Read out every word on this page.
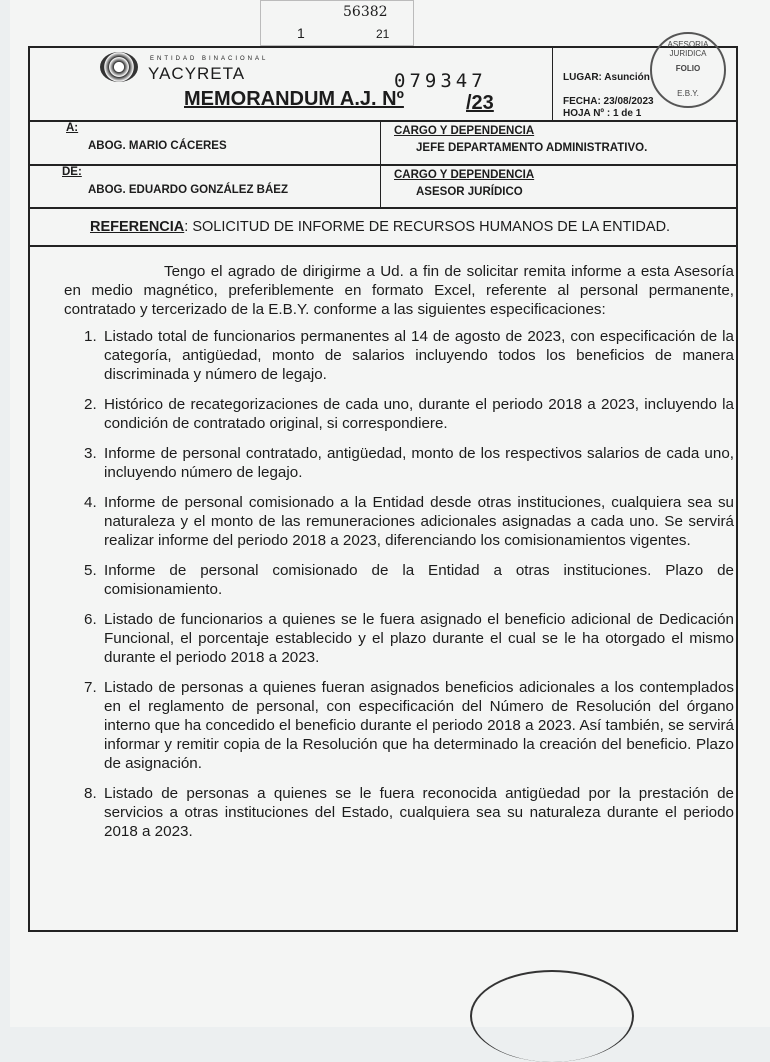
56382
1	21
ENTIDAD BINACIONAL
YACYRETA	079347
MEMORANDUM A.J. Nº	/23
LUGAR: Asunción
FECHA: 23/08/2023
HOJA Nº : 1 de 1
ASESORIA JURIDICA
FOLIO
E.B.Y.
A:
ABOG. MARIO CÁCERES
CARGO Y DEPENDENCIA
JEFE DEPARTAMENTO ADMINISTRATIVO.
DE:
ABOG. EDUARDO GONZÁLEZ BÁEZ
CARGO Y DEPENDENCIA
ASESOR JURÍDICO
REFERENCIA: SOLICITUD DE INFORME DE RECURSOS HUMANOS DE LA ENTIDAD.

Tengo el agrado de dirigirme a Ud. a fin de solicitar remita informe a esta Asesoría en medio magnético, preferiblemente en formato Excel, referente al personal permanente, contratado y tercerizado de la E.B.Y. conforme a las siguientes especificaciones:

1. Listado total de funcionarios permanentes al 14 de agosto de 2023, con especificación de la categoría, antigüedad, monto de salarios incluyendo todos los beneficios de manera discriminada y número de legajo.
2. Histórico de recategorizaciones de cada uno, durante el periodo 2018 a 2023, incluyendo la condición de contratado original, si correspondiere.
3. Informe de personal contratado, antigüedad, monto de los respectivos salarios de cada uno, incluyendo número de legajo.
4. Informe de personal comisionado a la Entidad desde otras instituciones, cualquiera sea su naturaleza y el monto de las remuneraciones adicionales asignadas a cada uno. Se servirá realizar informe del periodo 2018 a 2023, diferenciando los comisionamientos vigentes.
5. Informe de personal comisionado de la Entidad a otras instituciones. Plazo de comisionamiento.
6. Listado de funcionarios a quienes se le fuera asignado el beneficio adicional de Dedicación Funcional, el porcentaje establecido y el plazo durante el cual se le ha otorgado el mismo durante el periodo 2018 a 2023.
7. Listado de personas a quienes fueran asignados beneficios adicionales a los contemplados en el reglamento de personal, con especificación del Número de Resolución del órgano interno que ha concedido el beneficio durante el periodo 2018 a 2023. Así también, se servirá informar y remitir copia de la Resolución que ha determinado la creación del beneficio. Plazo de asignación.
8. Listado de personas a quienes se le fuera reconocida antigüedad por la prestación de servicios a otras instituciones del Estado, cualquiera sea su naturaleza durante el periodo 2018 a 2023.
